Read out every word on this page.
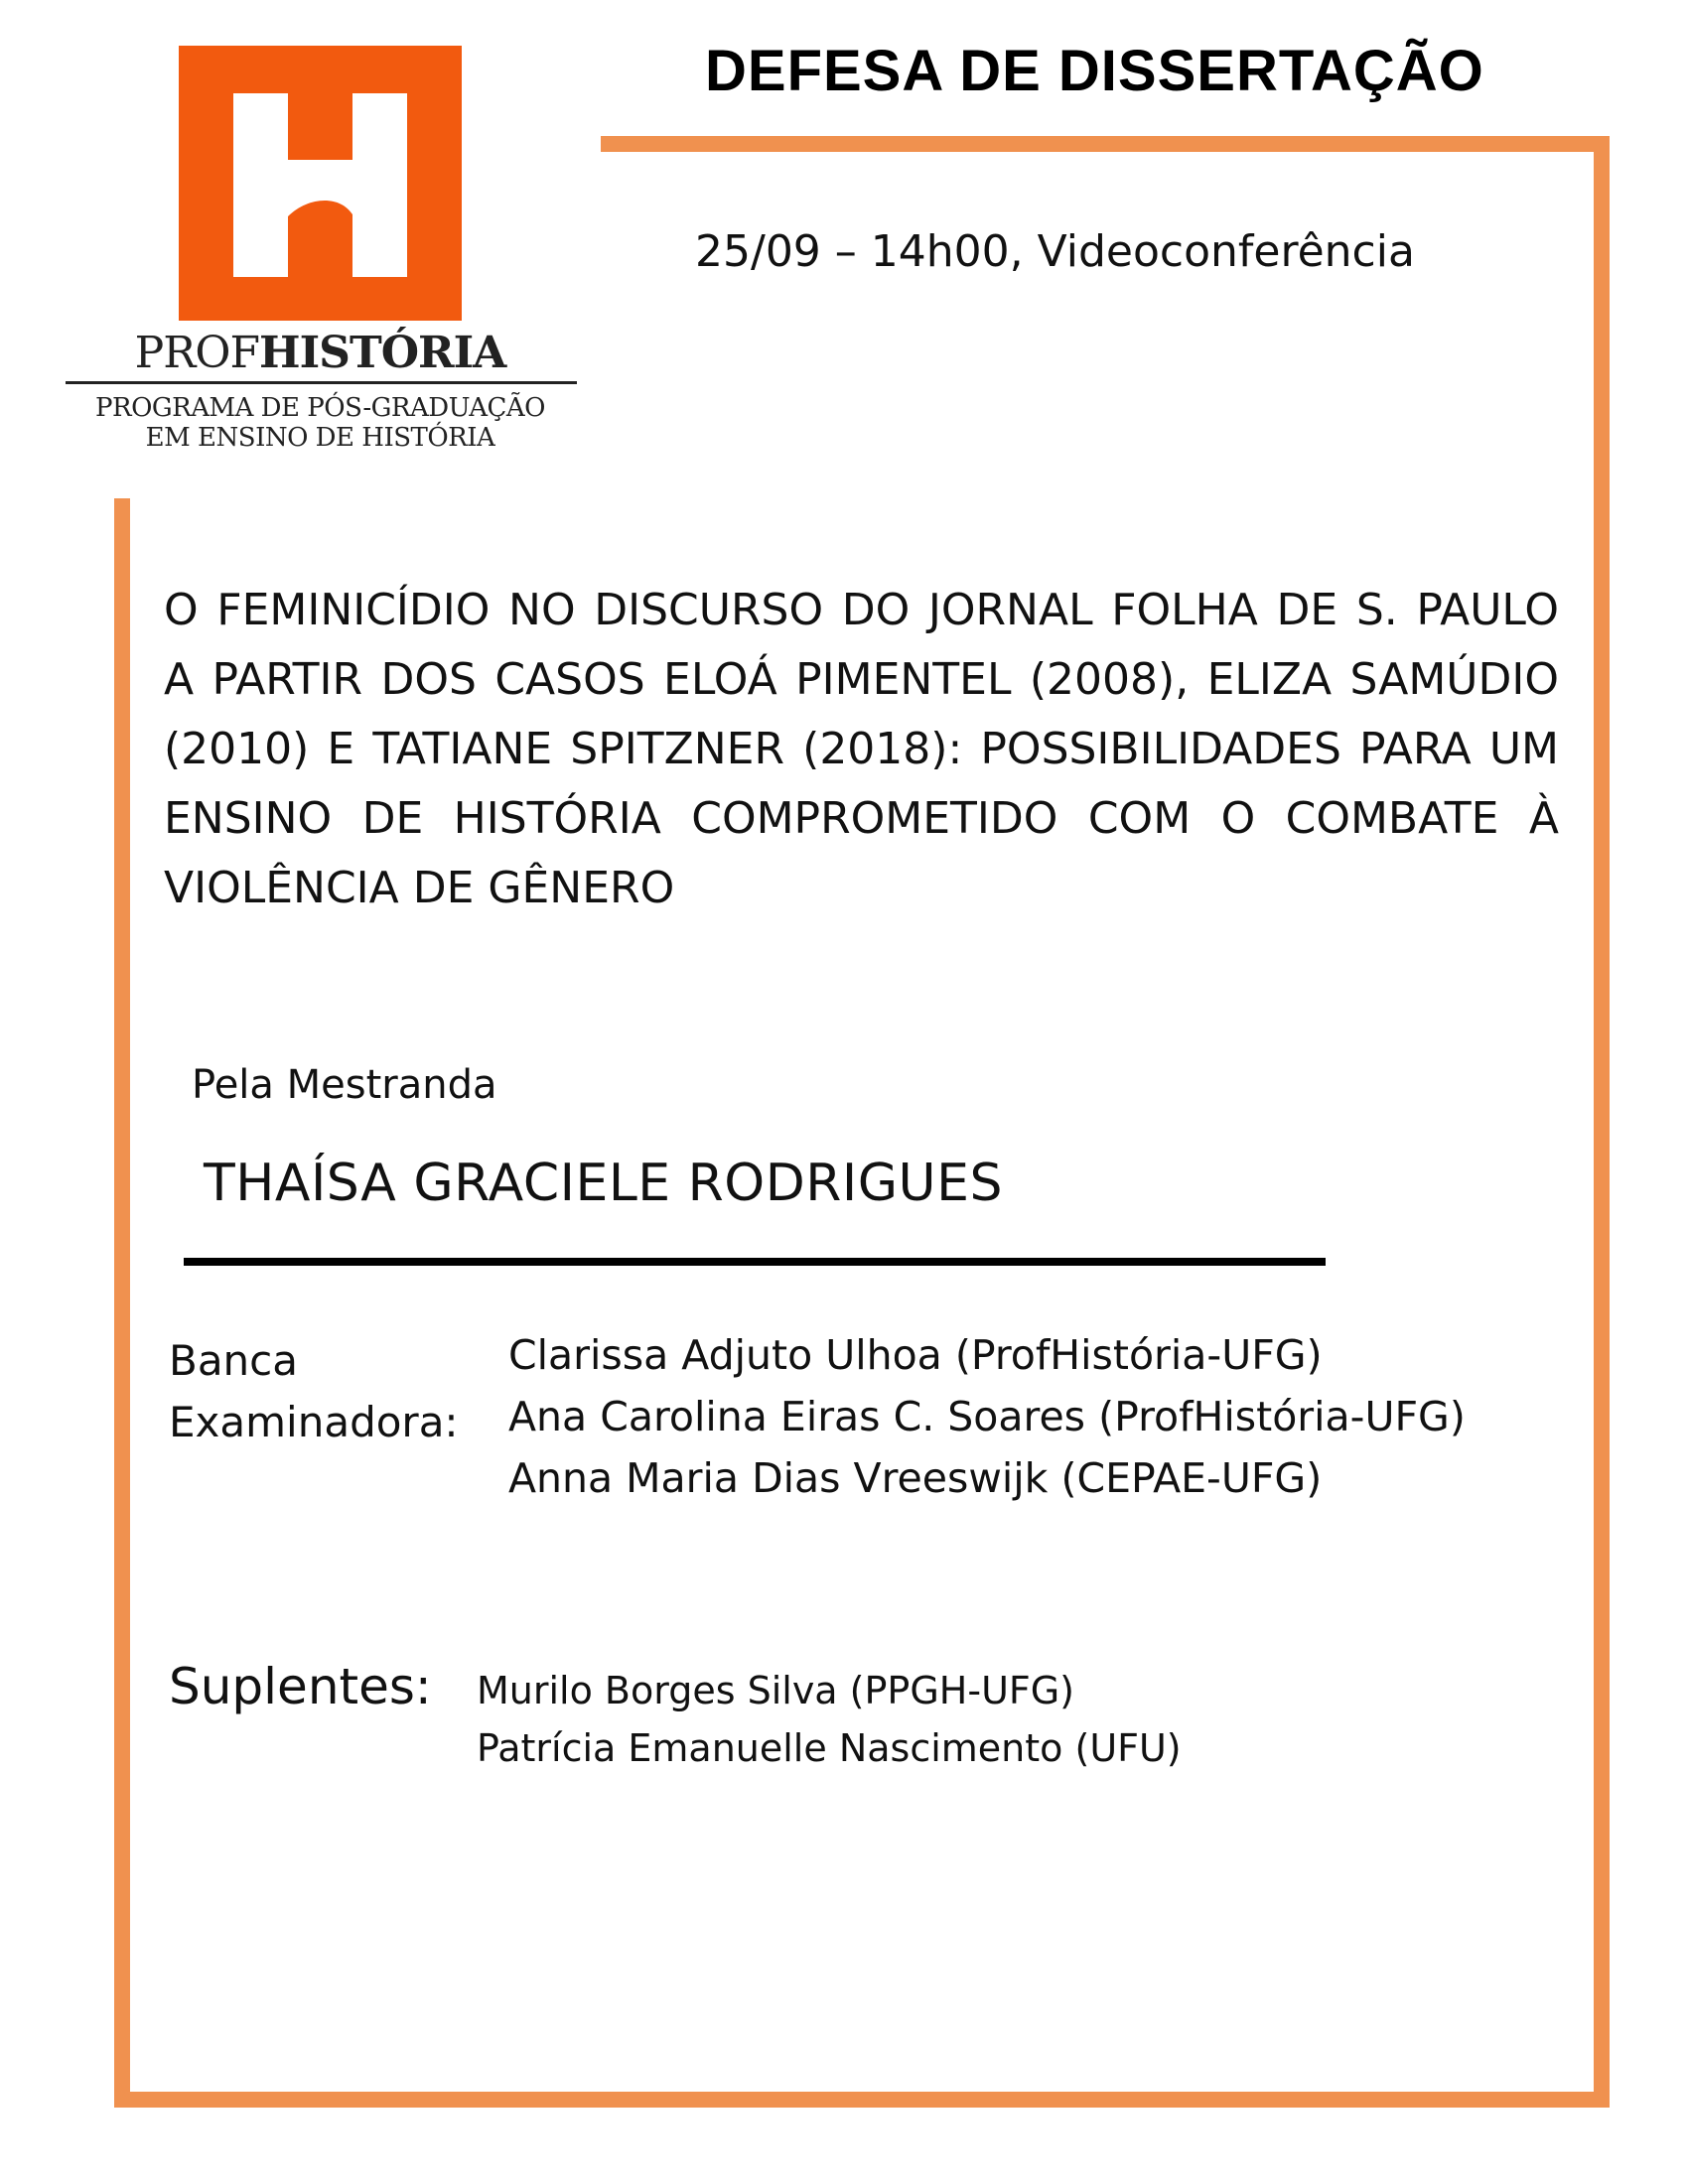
PROFHISTÓRIA
PROGRAMA DE PÓS-GRADUAÇÃO
EM ENSINO DE HISTÓRIA
DEFESA DE DISSERTAÇÃO
25/09 – 14h00, Videoconferência
O FEMINICÍDIO NO DISCURSO DO JORNAL FOLHA DE S. PAULO A PARTIR DOS CASOS ELOÁ PIMENTEL (2008), ELIZA SAMÚDIO (2010) E TATIANE SPITZNER (2018): POSSIBILIDADES PARA UM ENSINO DE HISTÓRIA COMPROMETIDO COM O COMBATE À VIOLÊNCIA DE GÊNERO
Pela Mestranda
THAÍSA GRACIELE RODRIGUES
Banca
Examinadora:
Clarissa Adjuto Ulhoa (ProfHistória-UFG)
Ana Carolina Eiras C. Soares (ProfHistória-UFG)
Anna Maria Dias Vreeswijk (CEPAE-UFG)
Suplentes: Murilo Borges Silva (PPGH-UFG)
Patrícia Emanuelle Nascimento (UFU)
